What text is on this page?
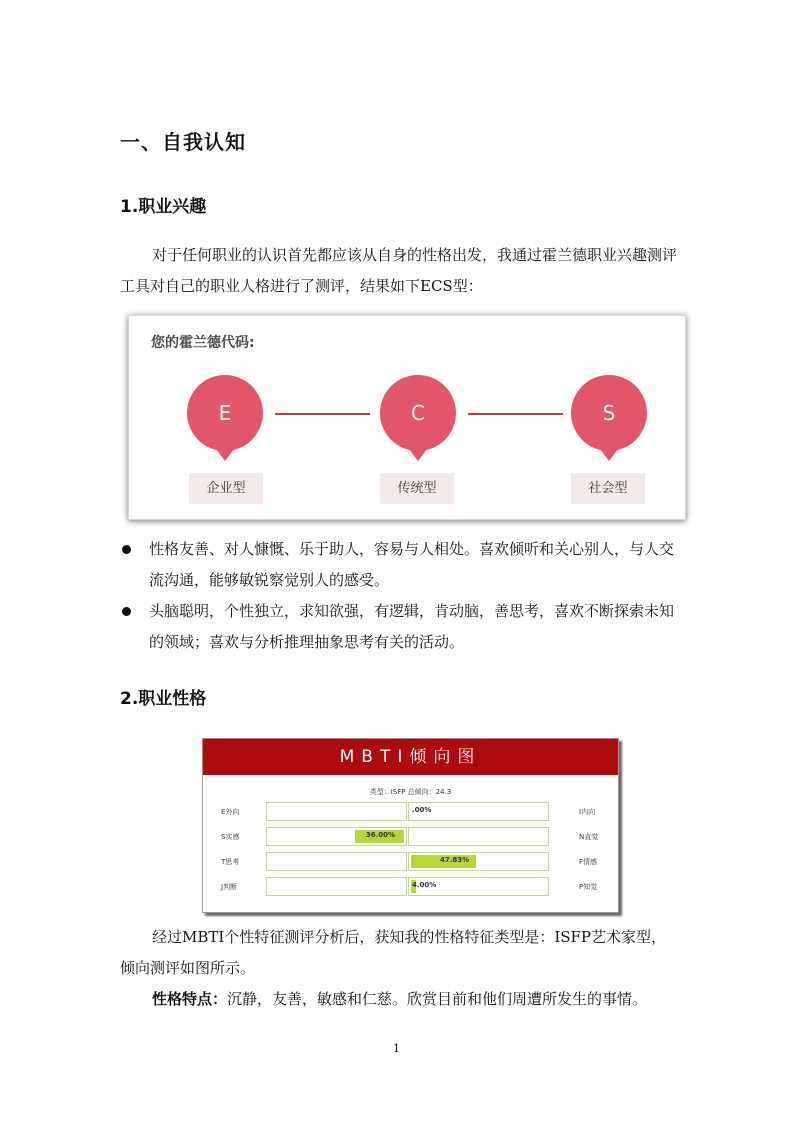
一、自我认知
1.职业兴趣
对于任何职业的认识首先都应该从自身的性格出发，我通过霍兰德职业兴趣测评工具对自己的职业人格进行了测评，结果如下ECS型：
您的霍兰德代码:
E	C	S
企业型	传统型	社会型
性格友善、对人慷慨、乐于助人，容易与人相处。喜欢倾听和关心别人，与人交流沟通，能够敏锐察觉别人的感受。
头脑聪明，个性独立，求知欲强，有逻辑，肯动脑，善思考，喜欢不断探索未知的领域；喜欢与分析推理抽象思考有关的活动。
2.职业性格
MBTI倾向图
类型：ISFP 总倾向：24.3
E外向	.00%	I内向
S实感	36.00%	N直觉
T思考	47.83%	F情感
J判断	4.00%	P知觉
经过MBTI个性特征测评分析后，获知我的性格特征类型是：ISFP艺术家型，倾向测评如图所示。
性格特点：沉静，友善，敏感和仁慈。欣赏目前和他们周遭所发生的事情。
1
